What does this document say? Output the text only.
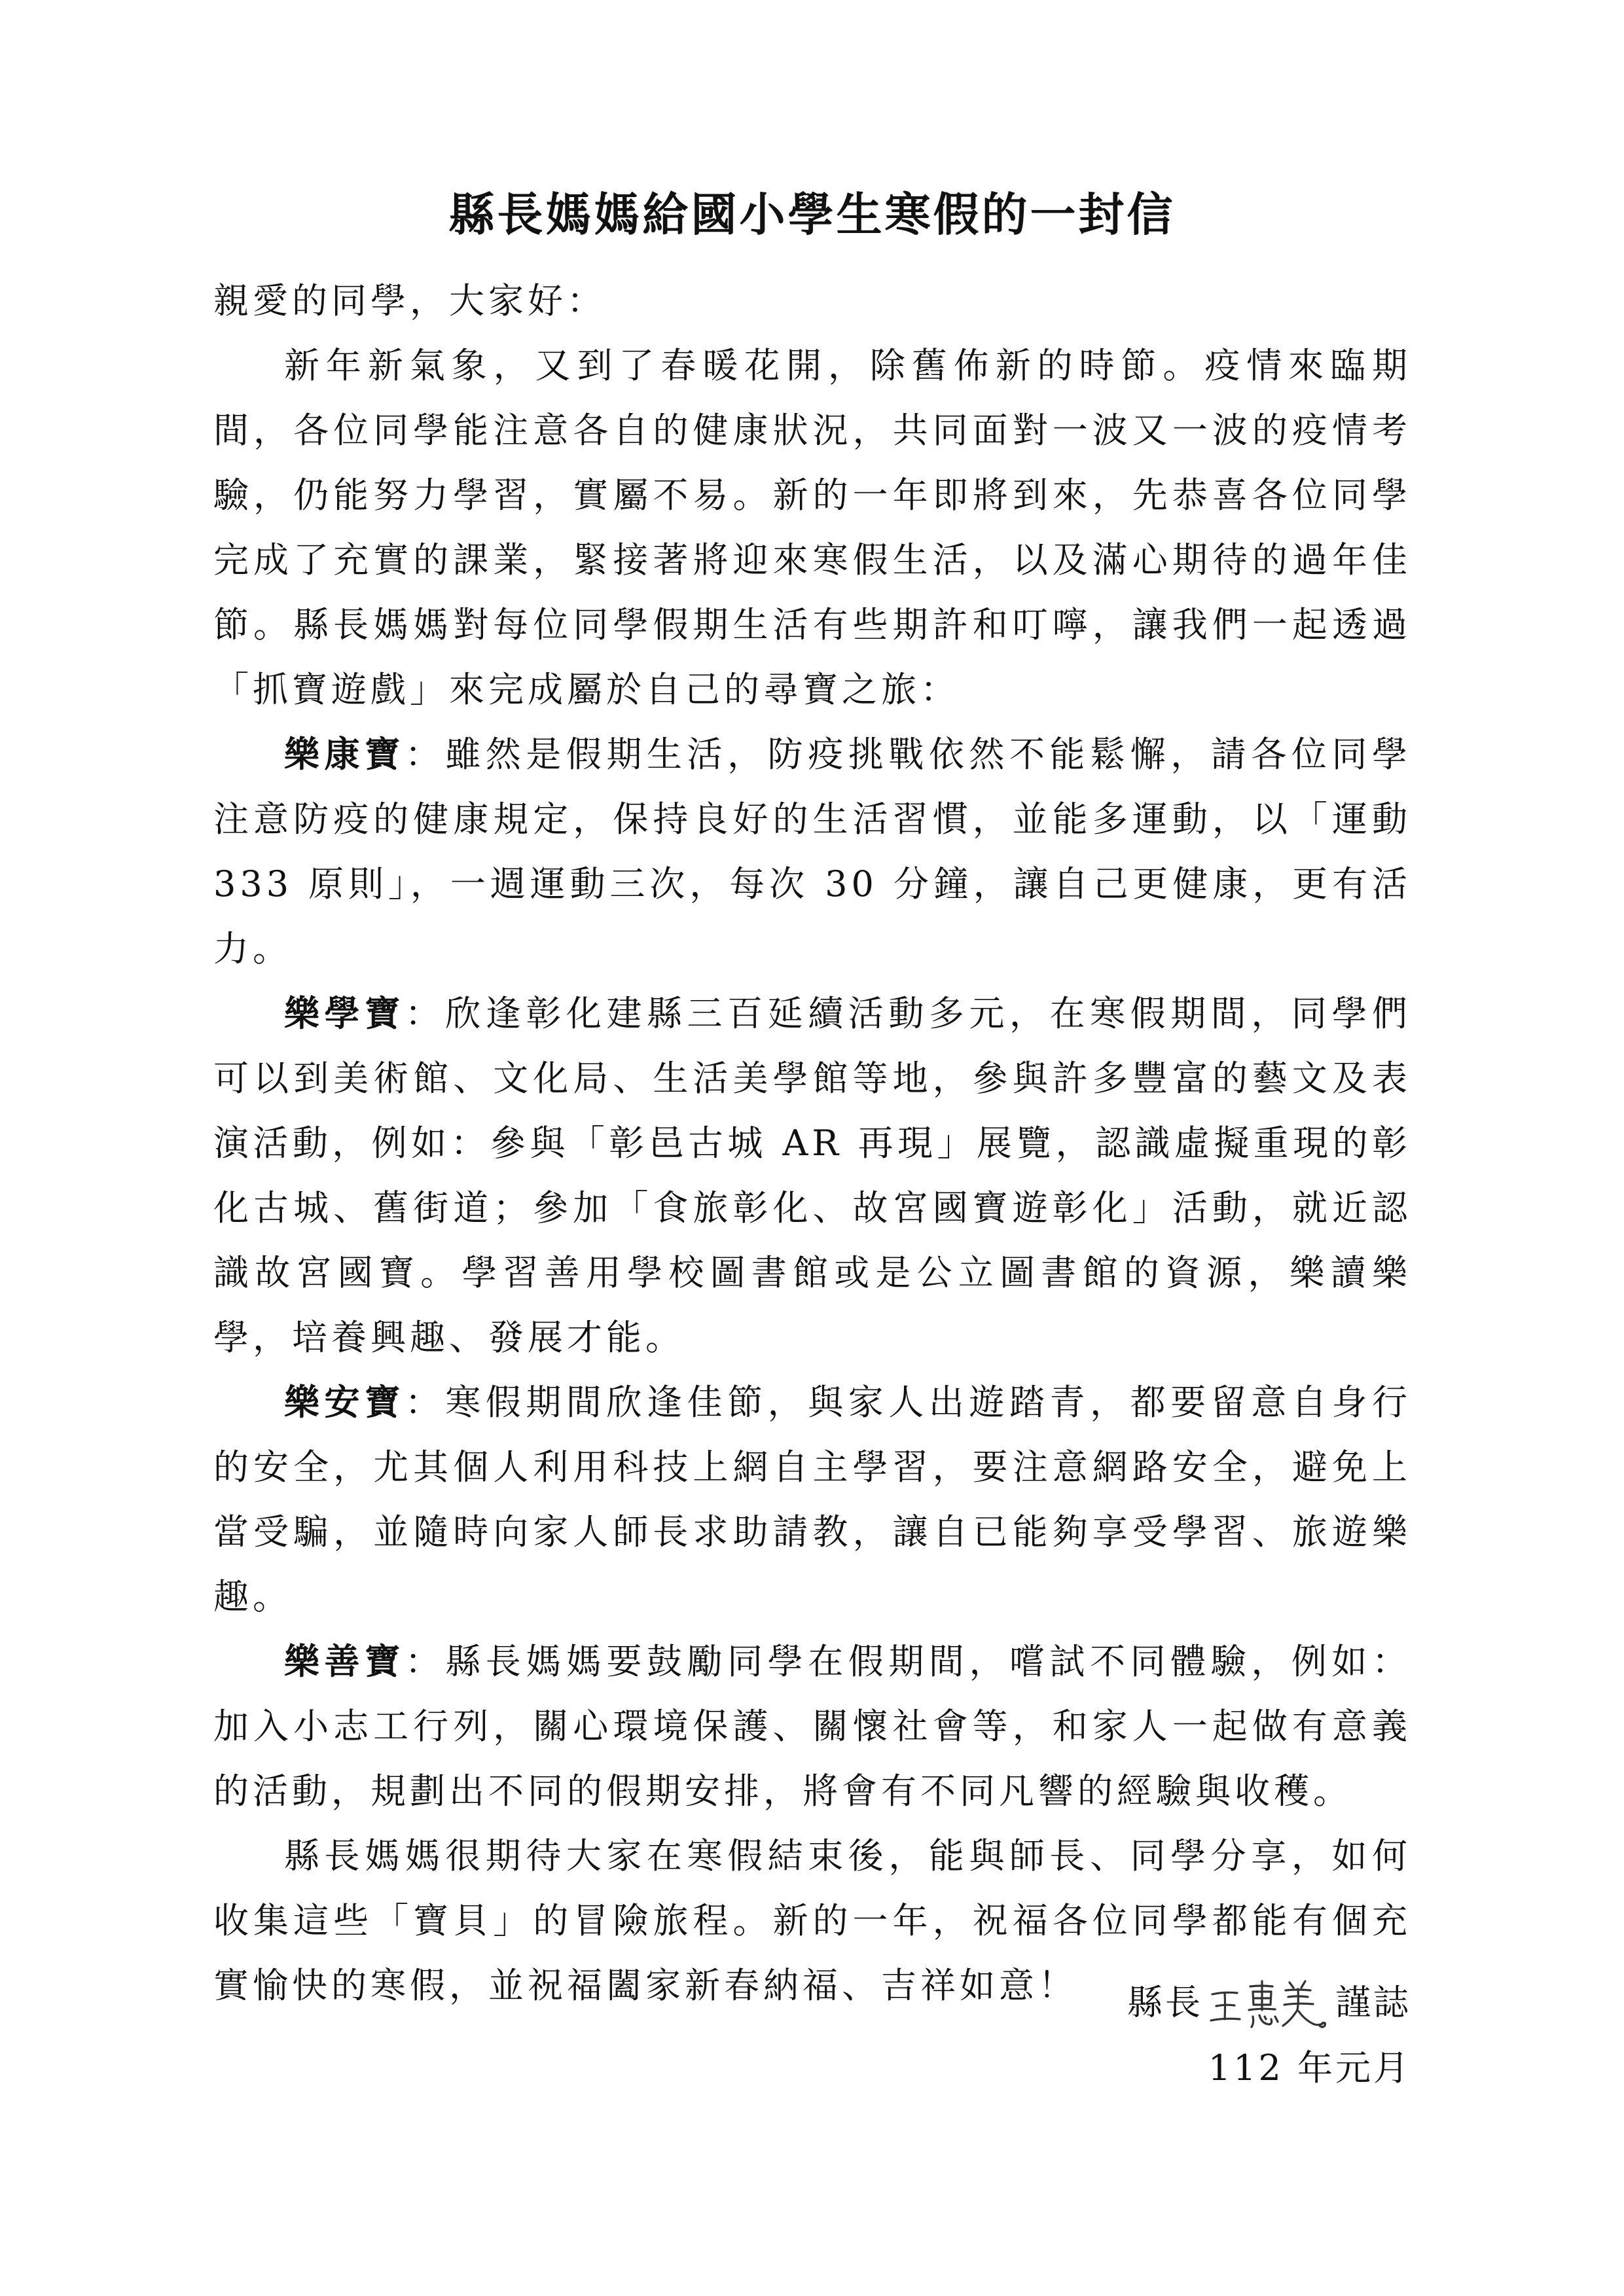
縣長媽媽給國小學生寒假的一封信

親愛的同學，大家好：

新年新氣象，又到了春暖花開，除舊佈新的時節。疫情來臨期間，各位同學能注意各自的健康狀況，共同面對一波又一波的疫情考驗，仍能努力學習，實屬不易。新的一年即將到來，先恭喜各位同學完成了充實的課業，緊接著將迎來寒假生活，以及滿心期待的過年佳節。縣長媽媽對每位同學假期生活有些期許和叮嚀，讓我們一起透過「抓寶遊戲」來完成屬於自己的尋寶之旅：

樂康寶：雖然是假期生活，防疫挑戰依然不能鬆懈，請各位同學注意防疫的健康規定，保持良好的生活習慣，並能多運動，以「運動 333 原則」，一週運動三次，每次 30 分鐘，讓自己更健康，更有活力。

樂學寶：欣逢彰化建縣三百延續活動多元，在寒假期間，同學們可以到美術館、文化局、生活美學館等地，參與許多豐富的藝文及表演活動，例如：參與「彰邑古城 AR 再現」展覽，認識虛擬重現的彰化古城、舊街道；參加「食旅彰化、故宮國寶遊彰化」活動，就近認識故宮國寶。學習善用學校圖書館或是公立圖書館的資源，樂讀樂學，培養興趣、發展才能。

樂安寶：寒假期間欣逢佳節，與家人出遊踏青，都要留意自身行的安全，尤其個人利用科技上網自主學習，要注意網路安全，避免上當受騙，並隨時向家人師長求助請教，讓自已能夠享受學習、旅遊樂趣。

樂善寶：縣長媽媽要鼓勵同學在假期間，嚐試不同體驗，例如：加入小志工行列，關心環境保護、關懷社會等，和家人一起做有意義的活動，規劃出不同的假期安排，將會有不同凡響的經驗與收穫。

縣長媽媽很期待大家在寒假結束後，能與師長、同學分享，如何收集這些「寶貝」的冒險旅程。新的一年，祝福各位同學都能有個充實愉快的寒假，並祝福闔家新春納福、吉祥如意！	縣長	謹誌
112 年元月
